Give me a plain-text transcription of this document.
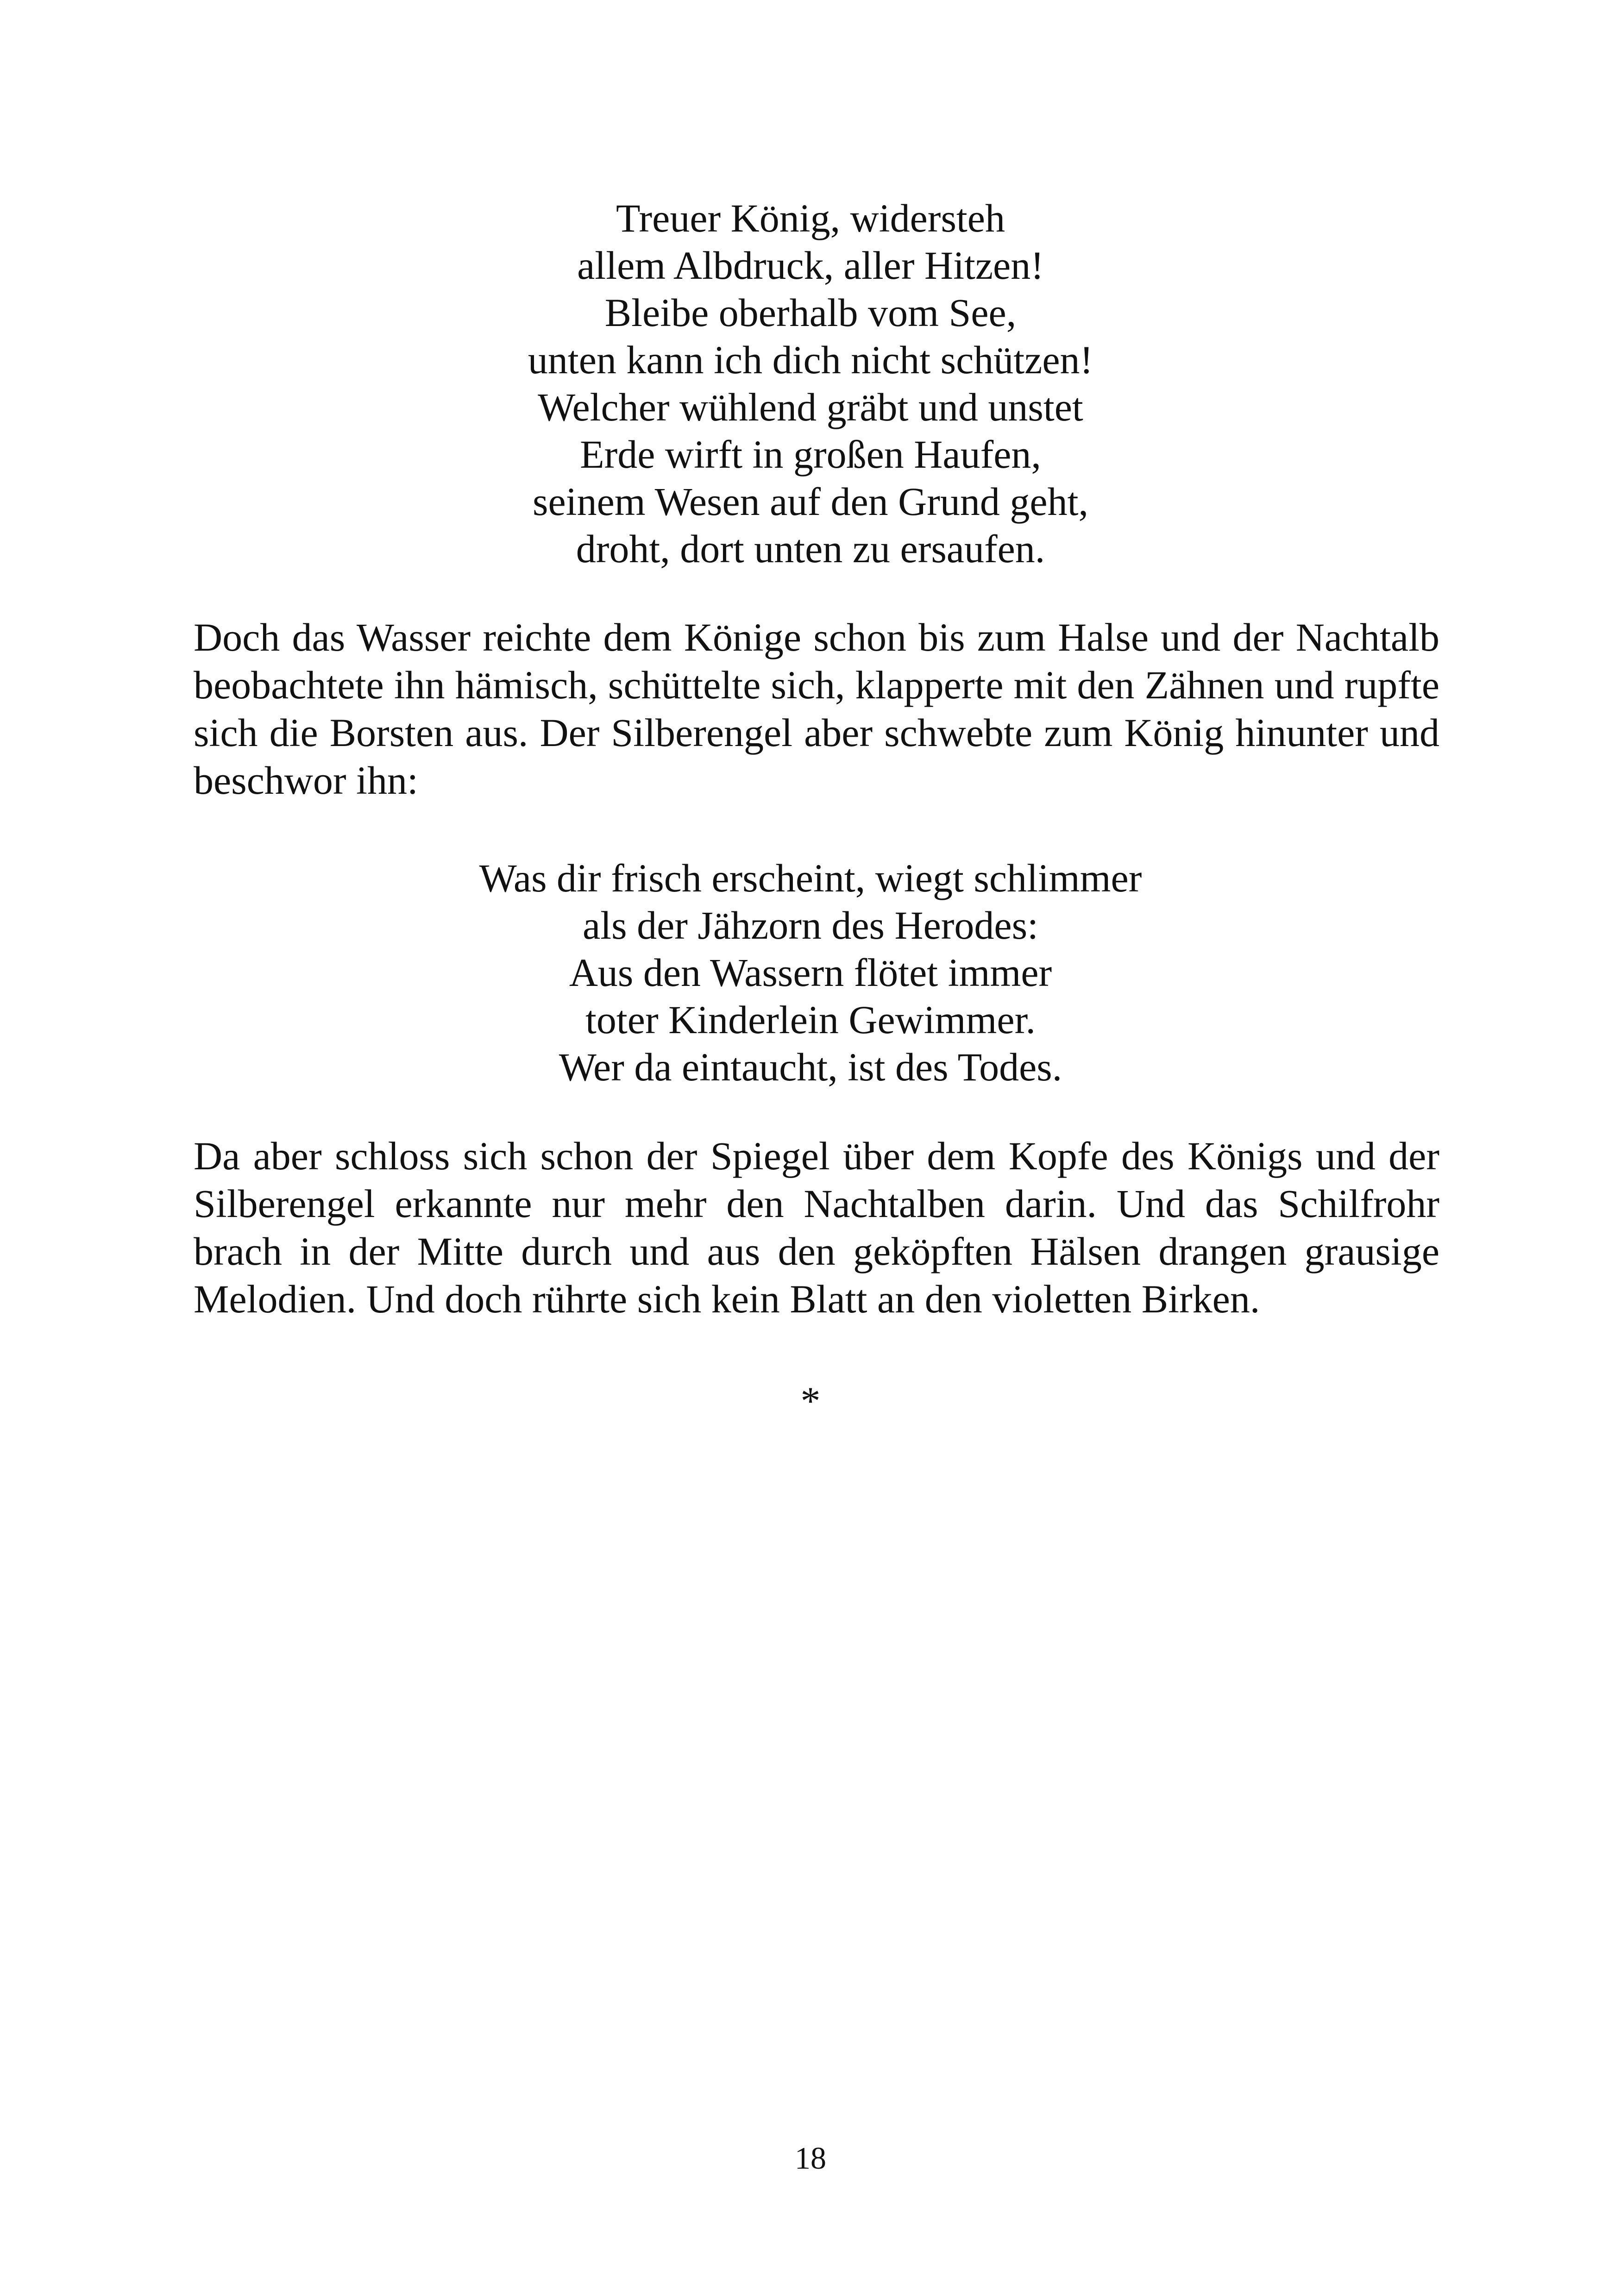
Treuer König, widersteh
allem Albdruck, aller Hitzen!
Bleibe oberhalb vom See,
unten kann ich dich nicht schützen!
Welcher wühlend gräbt und unstet
Erde wirft in großen Haufen,
seinem Wesen auf den Grund geht,
droht, dort unten zu ersaufen.

Doch das Wasser reichte dem Könige schon bis zum Halse und der Nachtalb beobachtete ihn hämisch, schüttelte sich, klapperte mit den Zähnen und rupfte sich die Borsten aus. Der Silberengel aber schwebte zum König hinunter und beschwor ihn:

Was dir frisch erscheint, wiegt schlimmer
als der Jähzorn des Herodes:
Aus den Wassern flötet immer
toter Kinderlein Gewimmer.
Wer da eintaucht, ist des Todes.

Da aber schloss sich schon der Spiegel über dem Kopfe des Königs und der Silberengel erkannte nur mehr den Nachtalben darin. Und das Schilfrohr brach in der Mitte durch und aus den geköpften Hälsen drangen grausige Melodien. Und doch rührte sich kein Blatt an den violetten Birken.

*
18
